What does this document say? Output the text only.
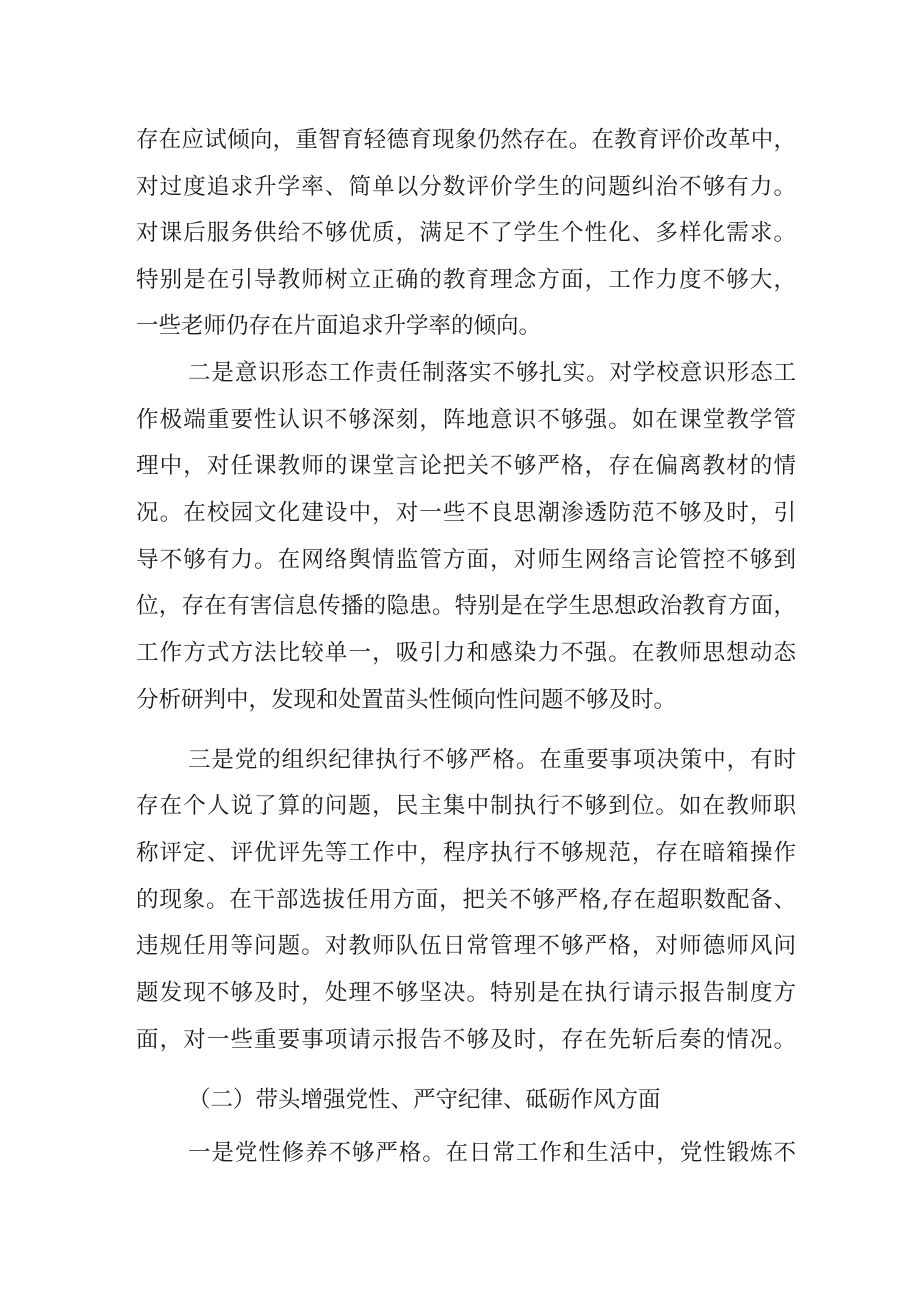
存在应试倾向，重智育轻德育现象仍然存在。在教育评价改革中，
对过度追求升学率、简单以分数评价学生的问题纠治不够有力。
对课后服务供给不够优质，满足不了学生个性化、多样化需求。
特别是在引导教师树立正确的教育理念方面，工作力度不够大，
一些老师仍存在片面追求升学率的倾向。
二是意识形态工作责任制落实不够扎实。对学校意识形态工
作极端重要性认识不够深刻，阵地意识不够强。如在课堂教学管
理中，对任课教师的课堂言论把关不够严格，存在偏离教材的情
况。在校园文化建设中，对一些不良思潮渗透防范不够及时，引
导不够有力。在网络舆情监管方面，对师生网络言论管控不够到
位，存在有害信息传播的隐患。特别是在学生思想政治教育方面，
工作方式方法比较单一，吸引力和感染力不强。在教师思想动态
分析研判中，发现和处置苗头性倾向性问题不够及时。
三是党的组织纪律执行不够严格。在重要事项决策中，有时
存在个人说了算的问题，民主集中制执行不够到位。如在教师职
称评定、评优评先等工作中，程序执行不够规范，存在暗箱操作
的现象。在干部选拔任用方面，把关不够严格,存在超职数配备、
违规任用等问题。对教师队伍日常管理不够严格，对师德师风问
题发现不够及时，处理不够坚决。特别是在执行请示报告制度方
面，对一些重要事项请示报告不够及时，存在先斩后奏的情况。
（二）带头增强党性、严守纪律、砥砺作风方面
一是党性修养不够严格。在日常工作和生活中，党性锻炼不
